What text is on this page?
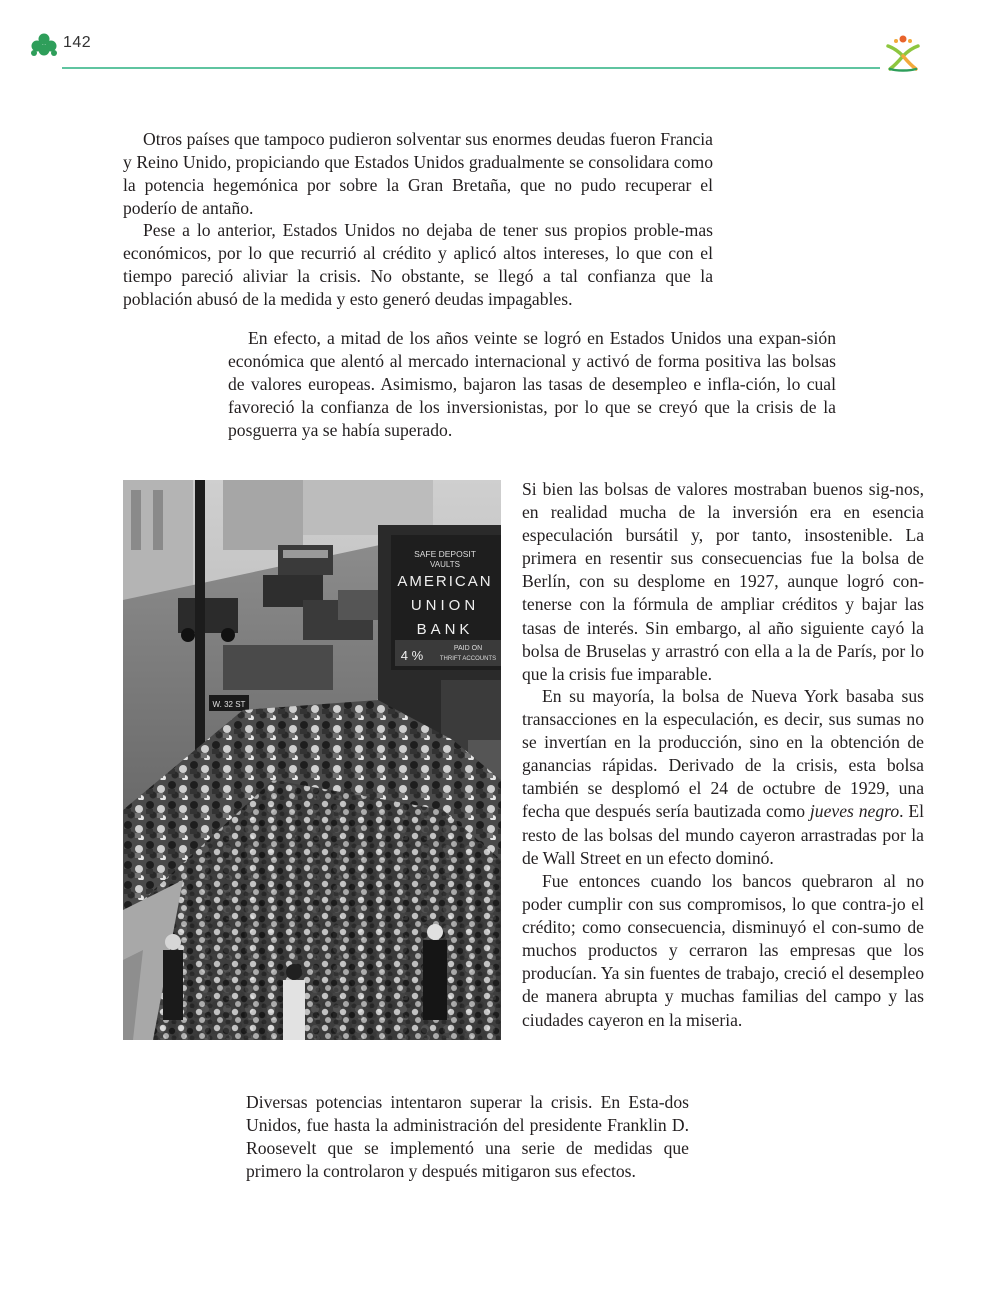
142

Otros países que tampoco pudieron solventar sus enormes deudas fueron Francia y Reino Unido, propiciando que Estados Unidos gradualmente se consolidara como la potencia hegemónica por sobre la Gran Bretaña, que no pudo recuperar el poderío de antaño.

Pese a lo anterior, Estados Unidos no dejaba de tener sus propios proble-mas económicos, por lo que recurrió al crédito y aplicó altos intereses, lo que con el tiempo pareció aliviar la crisis. No obstante, se llegó a tal confianza que la población abusó de la medida y esto generó deudas impagables.

En efecto, a mitad de los años veinte se logró en Estados Unidos una expan-sión económica que alentó al mercado internacional y activó de forma positiva las bolsas de valores europeas. Asimismo, bajaron las tasas de desempleo e infla-ción, lo cual favoreció la confianza de los inversionistas, por lo que se creyó que la crisis de la posguerra ya se había superado.

W. 32 ST
SAFE DEPOSIT
VAULTS
AMERICAN
UNION
BANK
4 %	PAID ON
THRIFT ACCOUNTS

Si bien las bolsas de valores mostraban buenos sig-nos, en realidad mucha de la inversión era en esencia especulación bursátil y, por tanto, insostenible. La primera en resentir sus consecuencias fue la bolsa de Berlín, con su desplome en 1927, aunque logró con-tenerse con la fórmula de ampliar créditos y bajar las tasas de interés. Sin embargo, al año siguiente cayó la bolsa de Bruselas y arrastró con ella a la de París, por lo que la crisis fue imparable.

En su mayoría, la bolsa de Nueva York basaba sus transacciones en la especulación, es decir, sus sumas no se invertían en la producción, sino en la obtención de ganancias rápidas. Derivado de la crisis, esta bolsa también se desplomó el 24 de octubre de 1929, una fecha que después sería bautizada como jueves negro. El resto de las bolsas del mundo cayeron arrastradas por la de Wall Street en un efecto dominó.

Fue entonces cuando los bancos quebraron al no poder cumplir con sus compromisos, lo que contra-jo el crédito; como consecuencia, disminuyó el con-sumo de muchos productos y cerraron las empresas que los producían. Ya sin fuentes de trabajo, creció el desempleo de manera abrupta y muchas familias del campo y las ciudades cayeron en la miseria.

Diversas potencias intentaron superar la crisis. En Esta-dos Unidos, fue hasta la administración del presidente Franklin D. Roosevelt que se implementó una serie de medidas que primero la controlaron y después mitigaron sus efectos.
